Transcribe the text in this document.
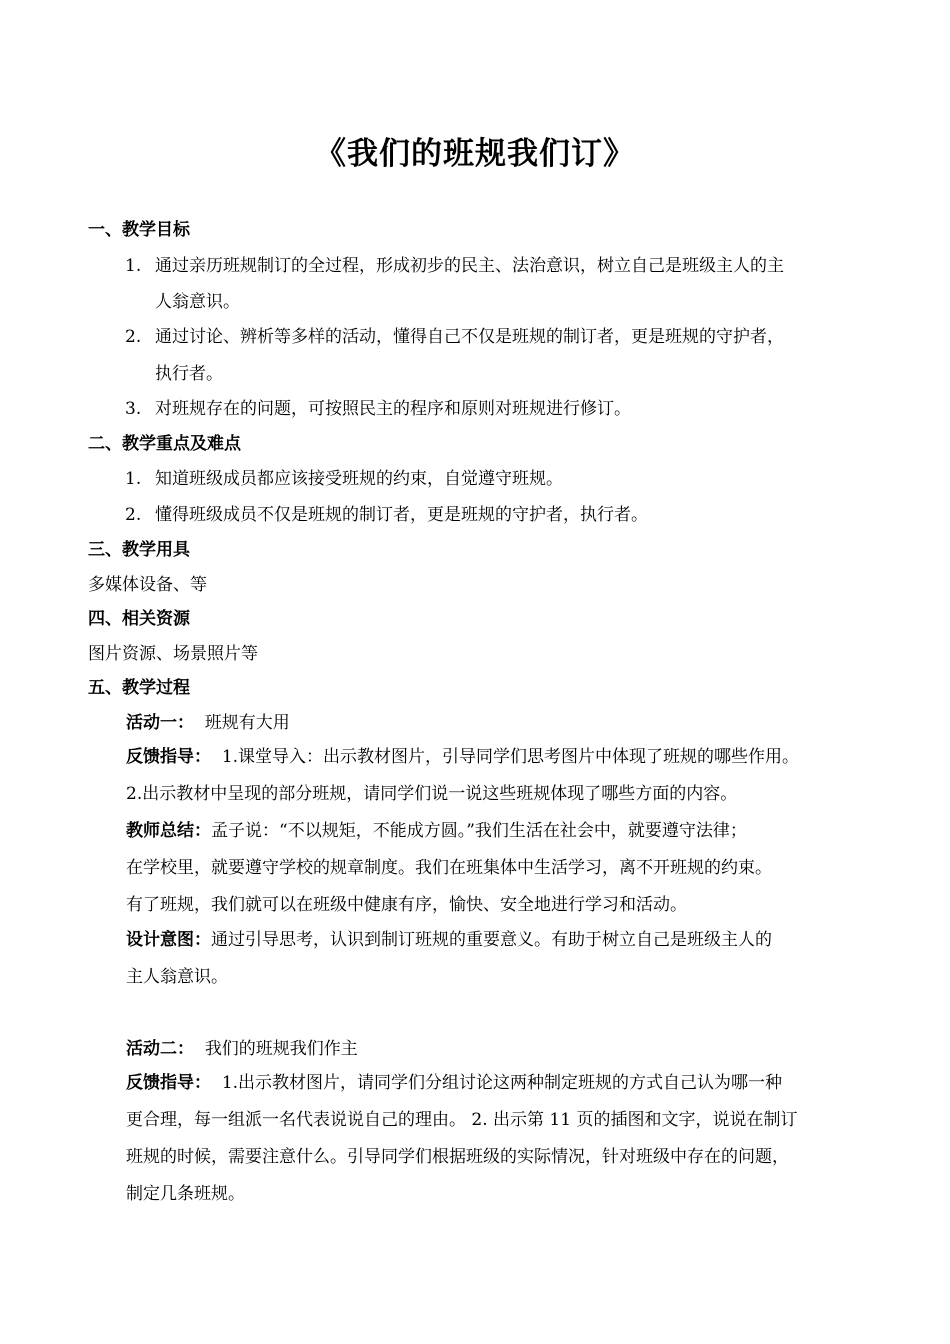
《我们的班规我们订》
一、教学目标
1. 通过亲历班规制订的全过程，形成初步的民主、法治意识，树立自己是班级主人的主
人翁意识。
2. 通过讨论、辨析等多样的活动，懂得自己不仅是班规的制订者，更是班规的守护者，
执行者。
3. 对班规存在的问题，可按照民主的程序和原则对班规进行修订。
二、教学重点及难点
1. 知道班级成员都应该接受班规的约束，自觉遵守班规。
2. 懂得班级成员不仅是班规的制订者，更是班规的守护者，执行者。
三、教学用具
多媒体设备、等
四、相关资源
图片资源、场景照片等
五、教学过程
活动一： 班规有大用
反馈指导： 1.课堂导入：出示教材图片，引导同学们思考图片中体现了班规的哪些作用。
2.出示教材中呈现的部分班规，请同学们说一说这些班规体现了哪些方面的内容。
教师总结：孟子说：“不以规矩，不能成方圆。”我们生活在社会中，就要遵守法律；
在学校里，就要遵守学校的规章制度。我们在班集体中生活学习，离不开班规的约束。
有了班规，我们就可以在班级中健康有序，愉快、安全地进行学习和活动。
设计意图：通过引导思考，认识到制订班规的重要意义。有助于树立自己是班级主人的
主人翁意识。
活动二： 我们的班规我们作主
反馈指导： 1.出示教材图片，请同学们分组讨论这两种制定班规的方式自己认为哪一种
更合理，每一组派一名代表说说自己的理由。 2. 出示第 11 页的插图和文字，说说在制订
班规的时候，需要注意什么。引导同学们根据班级的实际情况，针对班级中存在的问题，
制定几条班规。
